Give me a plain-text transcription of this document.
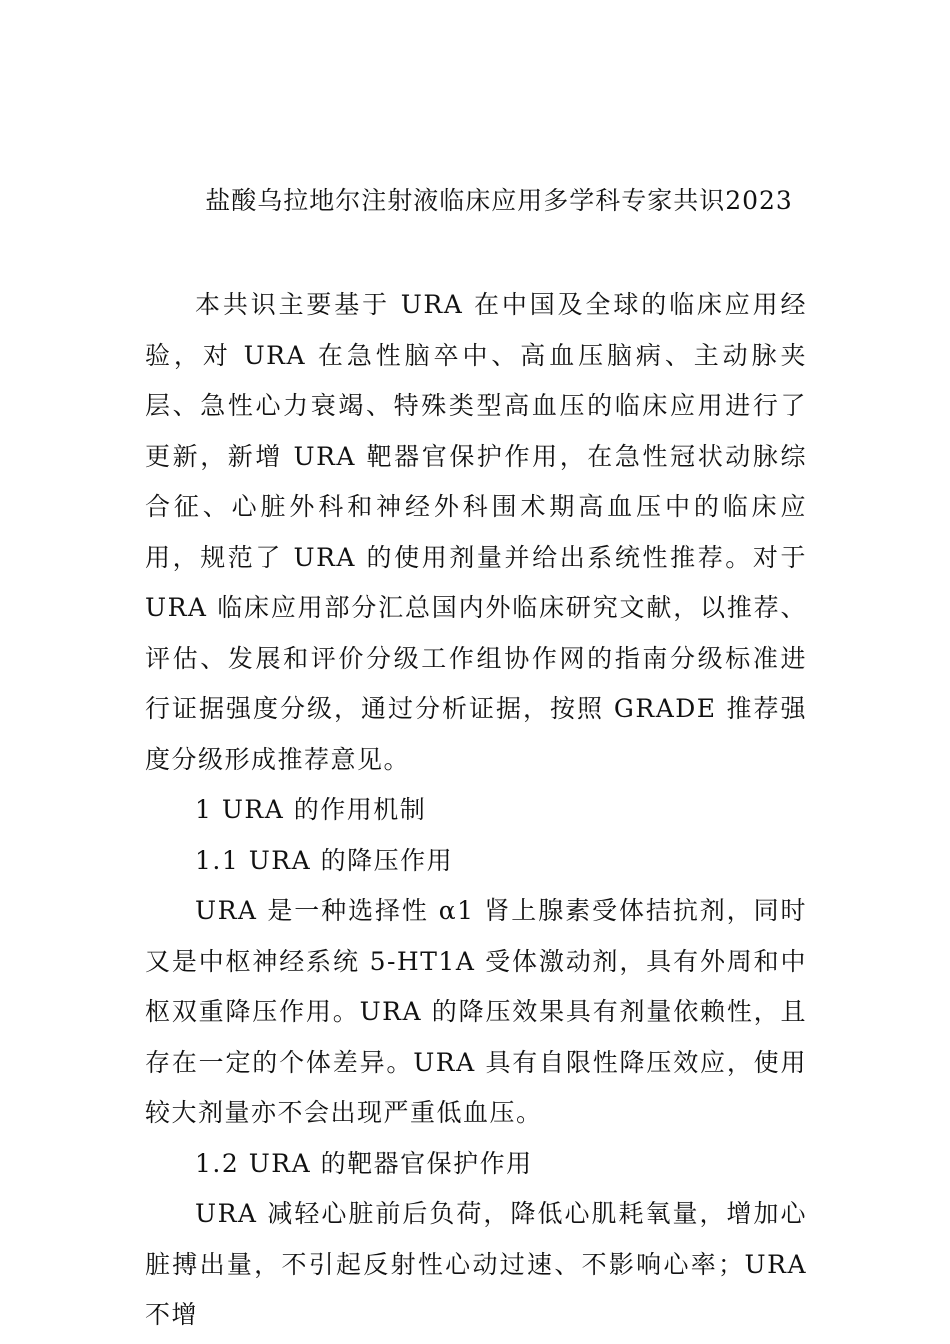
盐酸乌拉地尔注射液临床应用多学科专家共识2023

本共识主要基于 URA 在中国及全球的临床应用经验，对 URA 在急性脑卒中、高血压脑病、主动脉夹层、急性心力衰竭、特殊类型高血压的临床应用进行了更新，新增 URA 靶器官保护作用，在急性冠状动脉综合征、心脏外科和神经外科围术期高血压中的临床应用，规范了 URA 的使用剂量并给出系统性推荐。对于 URA 临床应用部分汇总国内外临床研究文献，以推荐、评估、发展和评价分级工作组协作网的指南分级标准进行证据强度分级，通过分析证据，按照 GRADE 推荐强度分级形成推荐意见。

1 URA 的作用机制

1.1 URA 的降压作用

URA 是一种选择性 α1 肾上腺素受体拮抗剂，同时又是中枢神经系统 5-HT1A 受体激动剂，具有外周和中枢双重降压作用。URA 的降压效果具有剂量依赖性，且存在一定的个体差异。URA 具有自限性降压效应，使用较大剂量亦不会出现严重低血压。

1.2 URA 的靶器官保护作用

URA 减轻心脏前后负荷，降低心肌耗氧量，增加心脏搏出量，不引起反射性心动过速、不影响心率；URA 不增
